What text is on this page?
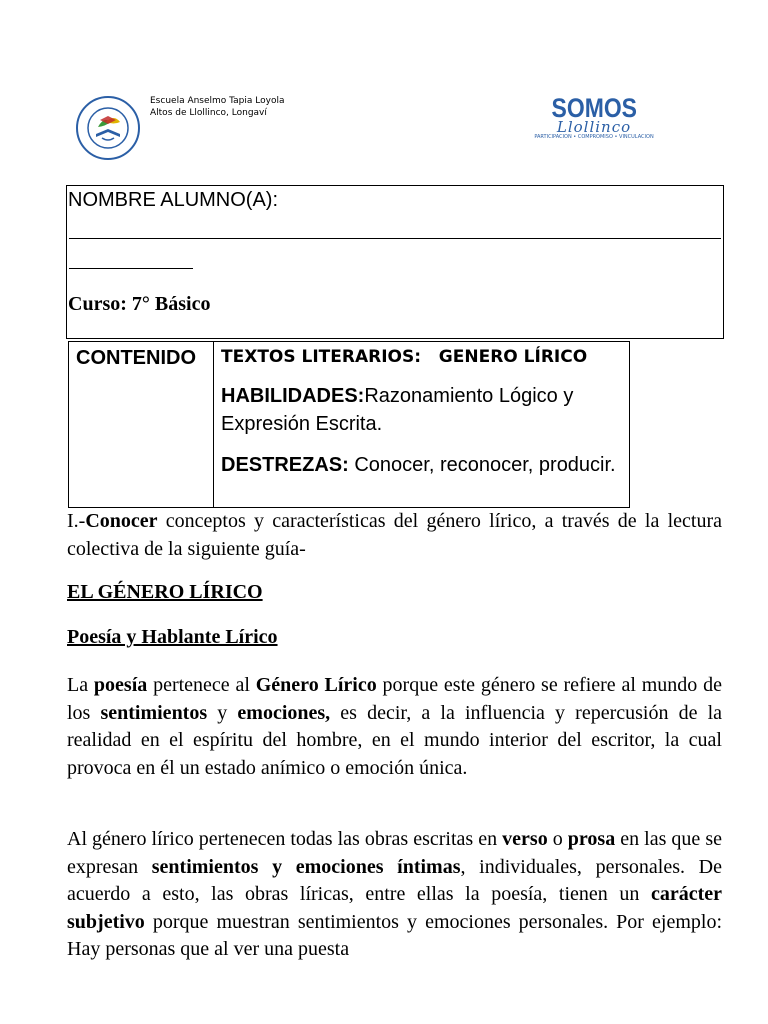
Escuela Anselmo Tapia Loyola
Altos de Llollinco, Longaví	SOMOS
Llollinco
PARTICIPACION • COMPROMISO • VINCULACION
NOMBRE ALUMNO(A):
Curso: 7° Básico
CONTENIDO	TEXTOS LITERARIOS:   GENERO LÍRICO
HABILIDADES:Razonamiento Lógico y Expresión Escrita.
DESTREZAS: Conocer, reconocer, producir.
I.-Conocer conceptos y características del género lírico, a través de la lectura colectiva de la siguiente guía-
EL GÉNERO LÍRICO
Poesía y Hablante Lírico
La poesía pertenece al Género Lírico porque este género se refiere al mundo de los sentimientos y emociones, es decir, a la influencia y repercusión de la realidad en el espíritu del hombre, en el mundo interior del escritor, la cual provoca en él un estado anímico o emoción única.
Al género lírico pertenecen todas las obras escritas en verso o prosa en las que se expresan sentimientos y emociones íntimas, individuales, personales. De acuerdo a esto, las obras líricas, entre ellas la poesía, tienen un carácter subjetivo porque muestran sentimientos y emociones personales. Por ejemplo: Hay personas que al ver una puesta
